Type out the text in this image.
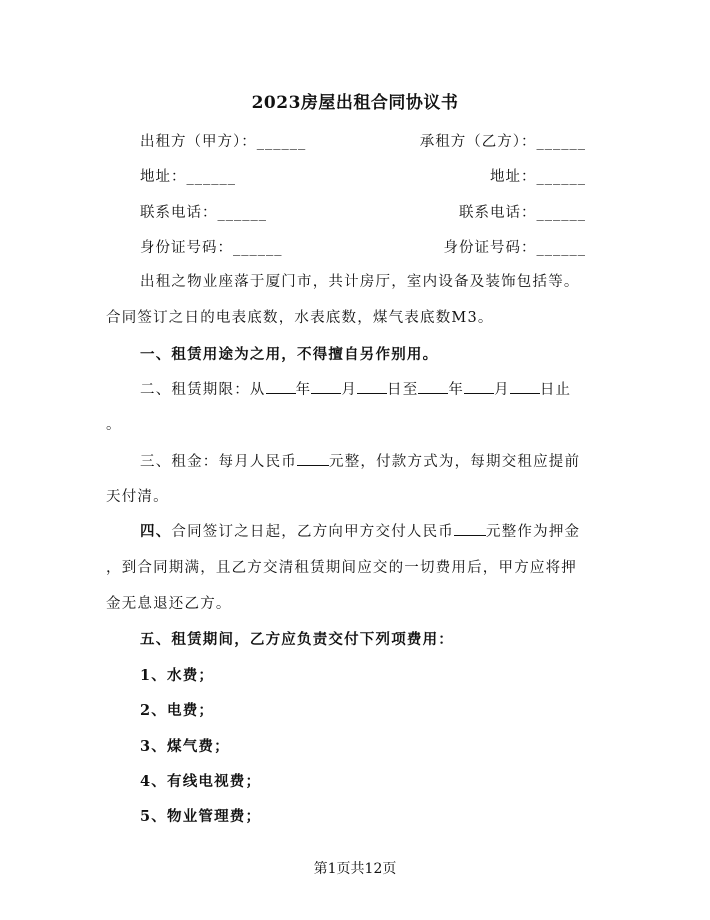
2023房屋出租合同协议书
出租方（甲方）：______	承租方（乙方）：______
地址：______	地址：______
联系电话：______	联系电话：______
身份证号码：______	身份证号码：______
出租之物业座落于厦门市，共计房厅，室内设备及装饰包括等。
合同签订之日的电表底数，水表底数，煤气表底数M3。
一、租赁用途为之用，不得擅自另作别用。
二、租赁期限：从 年 月 日至 年 月 日止
。
三、租金：每月人民币 元整，付款方式为，每期交租应提前
天付清。
四、合同签订之日起，乙方向甲方交付人民币 元整作为押金
，到合同期满，且乙方交清租赁期间应交的一切费用后，甲方应将押
金无息退还乙方。
五、租赁期间，乙方应负责交付下列项费用：
1、水费；
2、电费；
3、煤气费；
4、有线电视费；
5、物业管理费；
第1页共12页
